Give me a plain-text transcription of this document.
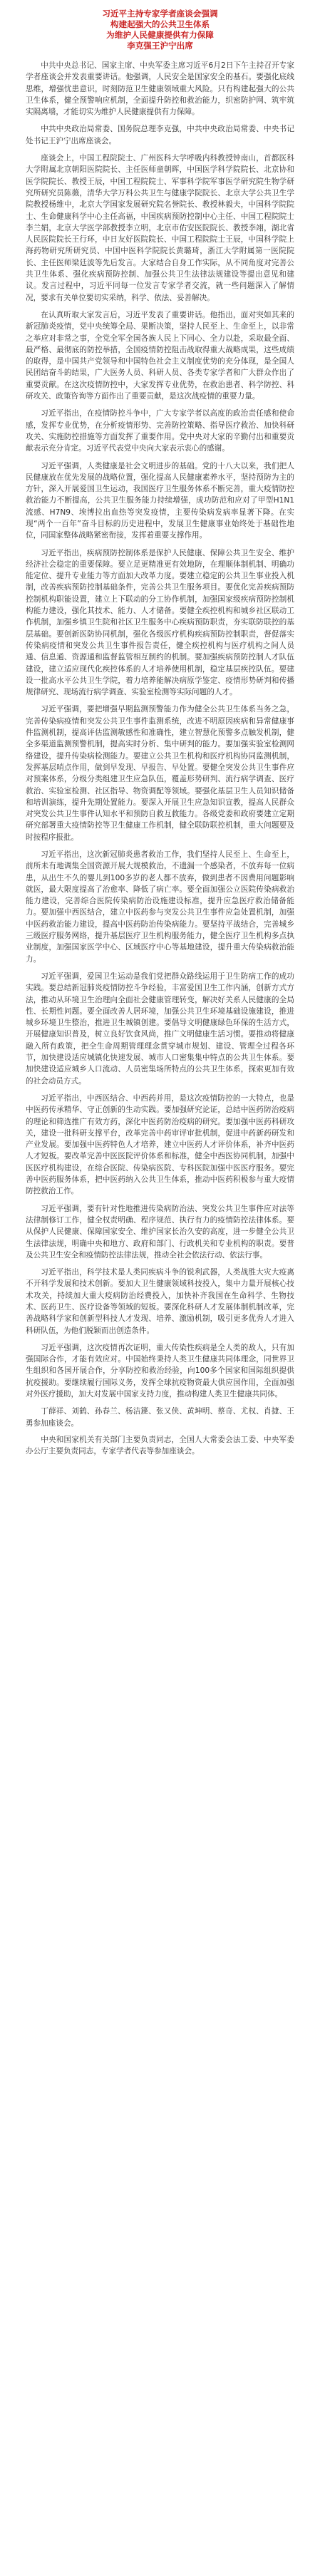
习近平主持专家学者座谈会强调
构建起强大的公共卫生体系
为维护人民健康提供有力保障
李克强王沪宁出席

中共中央总书记、国家主席、中央军委主席习近平6月2日下午主持召开专家学者座谈会并发表重要讲话。他强调，人民安全是国家安全的基石。要强化底线思维，增强忧患意识，时刻防范卫生健康领域重大风险。只有构建起强大的公共卫生体系，健全预警响应机制，全面提升防控和救治能力，织密防护网、筑牢筑实隔离墙，才能切实为维护人民健康提供有力保障。

中共中央政治局常委、国务院总理李克强，中共中央政治局常委、中央书记处书记王沪宁出席座谈会。

座谈会上，中国工程院院士、广州医科大学呼吸内科教授钟南山，首都医科大学附属北京朝阳医院院长、主任医师童朝晖，中国医学科学院院长、北京协和医学院院长、教授王辰，中国工程院院士、军事科学院军事医学研究院生物学研究所研究员陈薇，清华大学万科公共卫生与健康学院院长、北京大学公共卫生学院教授杨维中，北京大学国家发展研究院名誉院长、教授林毅夫，中国科学院院士、生命健康科学中心主任高福，中国疾病预防控制中心主任、中国工程院院士李兰娟，北京大学医学部教授李立明，北京市佑安医院院长、教授李翊，湖北省人民医院院长王行环，中日友好医院院长、中国工程院院士王辰，中国科学院上海药物研究所研究员、中国中医科学院院长黄璐琦，浙江大学附属第一医院院长、主任医师梁廷波等先后发言。大家结合自身工作实际，从不同角度对完善公共卫生体系、强化疾病预防控制、加强公共卫生法律法规建设等提出意见和建议。发言过程中，习近平同每一位发言专家学者交流，就一些问题深入了解情况，要求有关单位要切实采纳，科学、依法、妥善解决。

在认真听取大家发言后，习近平发表了重要讲话。他指出，面对突如其来的新冠肺炎疫情，党中央统筹全局、果断决策，坚持人民至上、生命至上，以非常之举应对非常之事，全党全军全国各族人民上下同心、全力以赴，采取最全面、最严格、最彻底的防控举措，全国疫情防控阻击战取得重大战略成果，这些成绩的取得，是中国共产党领导和中国特色社会主义制度优势的充分体现，是全国人民团结奋斗的结果，广大医务人员、科研人员、各类专家学者和广大群众作出了重要贡献。在这次疫情防控中，大家发挥专业优势，在救治患者、科学防控、科研攻关、政策咨询等方面作出了重要贡献，是这次战疫情的重要力量。

习近平指出，在疫情防控斗争中，广大专家学者以高度的政治责任感和使命感，发挥专业优势，在分析疫情形势、完善防控策略、指导医疗救治、加快科研攻关、实施防控措施等方面发挥了重要作用。党中央对大家的辛勤付出和重要贡献表示充分肯定。习近平代表党中央向大家表示衷心的感谢。

习近平强调，人类健康是社会文明进步的基础。党的十八大以来，我们把人民健康放在优先发展的战略位置，强化提高人民健康素养水平，坚持预防为主的方针，深入开展爱国卫生运动，我国医疗卫生服务体系不断完善，重大疫情防控救治能力不断提高，公共卫生服务能力持续增强，成功防范和应对了甲型H1N1流感、H7N9、埃博拉出血热等突发疫情，主要传染病发病率显著下降。在实现“两个一百年”奋斗目标的历史进程中，发展卫生健康事业始终处于基础性地位，同国家整体战略紧密衔接，发挥着重要支撑作用。

习近平指出，疾病预防控制体系是保护人民健康、保障公共卫生安全、维护经济社会稳定的重要保障。要立足更精准更有效地防，在理顺体制机制、明确功能定位、提升专业能力等方面加大改革力度。要建立稳定的公共卫生事业投入机制，改善疾病预防控制基础条件，完善公共卫生服务项目。要优化完善疾病预防控制机构职能设置，建立上下联动的分工协作机制，加强国家级疾病预防控制机构能力建设，强化其技术、能力、人才储备。要健全疾控机构和城乡社区联动工作机制，加强乡镇卫生院和社区卫生服务中心疾病预防职责，夯实联防联控的基层基础。要创新医防协同机制，强化各级医疗机构疾病预防控制职责，督促落实传染病疫情和突发公共卫生事件报告责任，健全疾控机构与医疗机构之间人员通、信息通、资源通和监督监管相互制约的机制。要加强疾病预防控制人才队伍建设，建立适应现代化疾控体系的人才培养使用机制，稳定基层疾控队伍。要建设一批高水平公共卫生学院，着力培养能解决病原学鉴定、疫情形势研判和传播规律研究、现场流行病学调查、实验室检测等实际问题的人才。

习近平强调，要把增强早期监测预警能力作为健全公共卫生体系当务之急，完善传染病疫情和突发公共卫生事件监测系统，改进不明原因疾病和异常健康事件监测机制，提高评估监测敏感性和准确性，建立智慧化预警多点触发机制，健全多渠道监测预警机制，提高实时分析、集中研判的能力。要加强实验室检测网络建设，提升传染病检测能力。要建立公共卫生机构和医疗机构协同监测机制，发挥基层哨点作用，做到早发现、早报告、早处置。要健全突发公共卫生事件应对预案体系，分级分类组建卫生应急队伍，覆盖形势研判、流行病学调查、医疗救治、实验室检测、社区指导、物资调配等领域。要强化基层卫生人员知识储备和培训演练，提升先期处置能力。要深入开展卫生应急知识宣教，提高人民群众对突发公共卫生事件认知水平和预防自救互救能力。各级党委和政府要建立定期研究部署重大疫情防控等卫生健康工作机制，健全联防联控机制，重大问题要及时按程序报批。

习近平指出，这次新冠肺炎患者救治工作，我们坚持人民至上、生命至上，前所未有地调集全国资源开展大规模救治，不遗漏一个感染者，不放弃每一位病患，从出生不久的婴儿到100多岁的老人都不放弃，做到患者不因费用问题影响就医，最大限度提高了治愈率、降低了病亡率。要全面加强公立医院传染病救治能力建设，完善综合医院传染病防治设施建设标准，提升应急医疗救治储备能力。要加强中西医结合，建立中医药参与突发公共卫生事件应急处置机制，加强中医药救治能力建设，提高中医药防治传染病能力。要坚持平战结合，完善城乡三级医疗服务网络，提升基层医疗卫生机构服务能力，健全医疗卫生机构多点执业制度，加强国家医学中心、区域医疗中心等基地建设，提升重大传染病救治能力。

习近平强调，爱国卫生运动是我们党把群众路线运用于卫生防病工作的成功实践。要总结新冠肺炎疫情防控斗争经验，丰富爱国卫生工作内涵，创新方式方法，推动从环境卫生治理向全面社会健康管理转变，解决好关系人民健康的全局性、长期性问题。要全面改善人居环境，加强公共卫生环境基础设施建设，推进城乡环境卫生整治，推进卫生城镇创建。要倡导文明健康绿色环保的生活方式，开展健康知识普及，树立良好饮食风尚，推广文明健康生活习惯。要推动将健康融入所有政策，把全生命周期管理理念贯穿城市规划、建设、管理全过程各环节，加快建设适应城镇化快速发展、城市人口密集集中特点的公共卫生体系。要加快建设适应城乡人口流动、人员密集场所特点的公共卫生体系，探索更加有效的社会动员方式。

习近平指出，中西医结合、中西药并用，是这次疫情防控的一大特点，也是中医药传承精华、守正创新的生动实践。要加强研究论证，总结中医药防治疫病的理论和筛选推广有效方药，深化中医药防治疫病的研究。要加强中医药科研攻关，建设一批科研支撑平台，改革完善中药审评审批机制，促进中药新药研发和产业发展。要加强中医药特色人才培养，建立中医药人才评价体系，补齐中医药人才短板。要改革完善中医医院评价体系和标准，健全中西医协同机制，加强中医医疗机构建设，在综合医院、传染病医院、专科医院加强中医医疗服务。要完善中医药服务体系，把中医药纳入公共卫生体系，推动中医药积极参与重大疫情防控救治工作。

习近平强调，要有针对性地推进传染病防治法、突发公共卫生事件应对法等法律制修订工作，健全权责明确、程序规范、执行有力的疫情防控法律体系。要从保护人民健康、保障国家安全、维护国家长治久安的高度，进一步健全公共卫生法律法规，明确中央和地方、政府和部门、行政机关和专业机构的职责。要普及公共卫生安全和疫情防控法律法规，推动全社会依法行动、依法行事。

习近平指出，科学技术是人类同疾病斗争的锐利武器，人类战胜大灾大疫离不开科学发展和技术创新。要加大卫生健康领域科技投入，集中力量开展核心技术攻关，持续加大重大疫病防治经费投入，加快补齐我国在生命科学、生物技术、医药卫生、医疗设备等领域的短板。要深化科研人才发展体制机制改革，完善战略科学家和创新型科技人才发现、培养、激励机制，吸引更多优秀人才进入科研队伍，为他们脱颖而出创造条件。

习近平强调，这次疫情再次证明，重大传染性疾病是全人类的敌人，只有加强国际合作，才能有效应对。中国始终秉持人类卫生健康共同体理念，同世界卫生组织和各国开展合作，分享防控和救治经验，向100多个国家和国际组织提供抗疫援助。要继续履行国际义务，发挥全球抗疫物资最大供应国作用，全面加强对外医疗援助，加大对发展中国家支持力度，推动构建人类卫生健康共同体。

丁薛祥、刘鹤、孙春兰、杨洁篪、张又侠、黄坤明、蔡奇、尤权、肖捷、王勇参加座谈会。

中央和国家机关有关部门主要负责同志，全国人大常委会法工委、中央军委办公厅主要负责同志，专家学者代表等参加座谈会。
